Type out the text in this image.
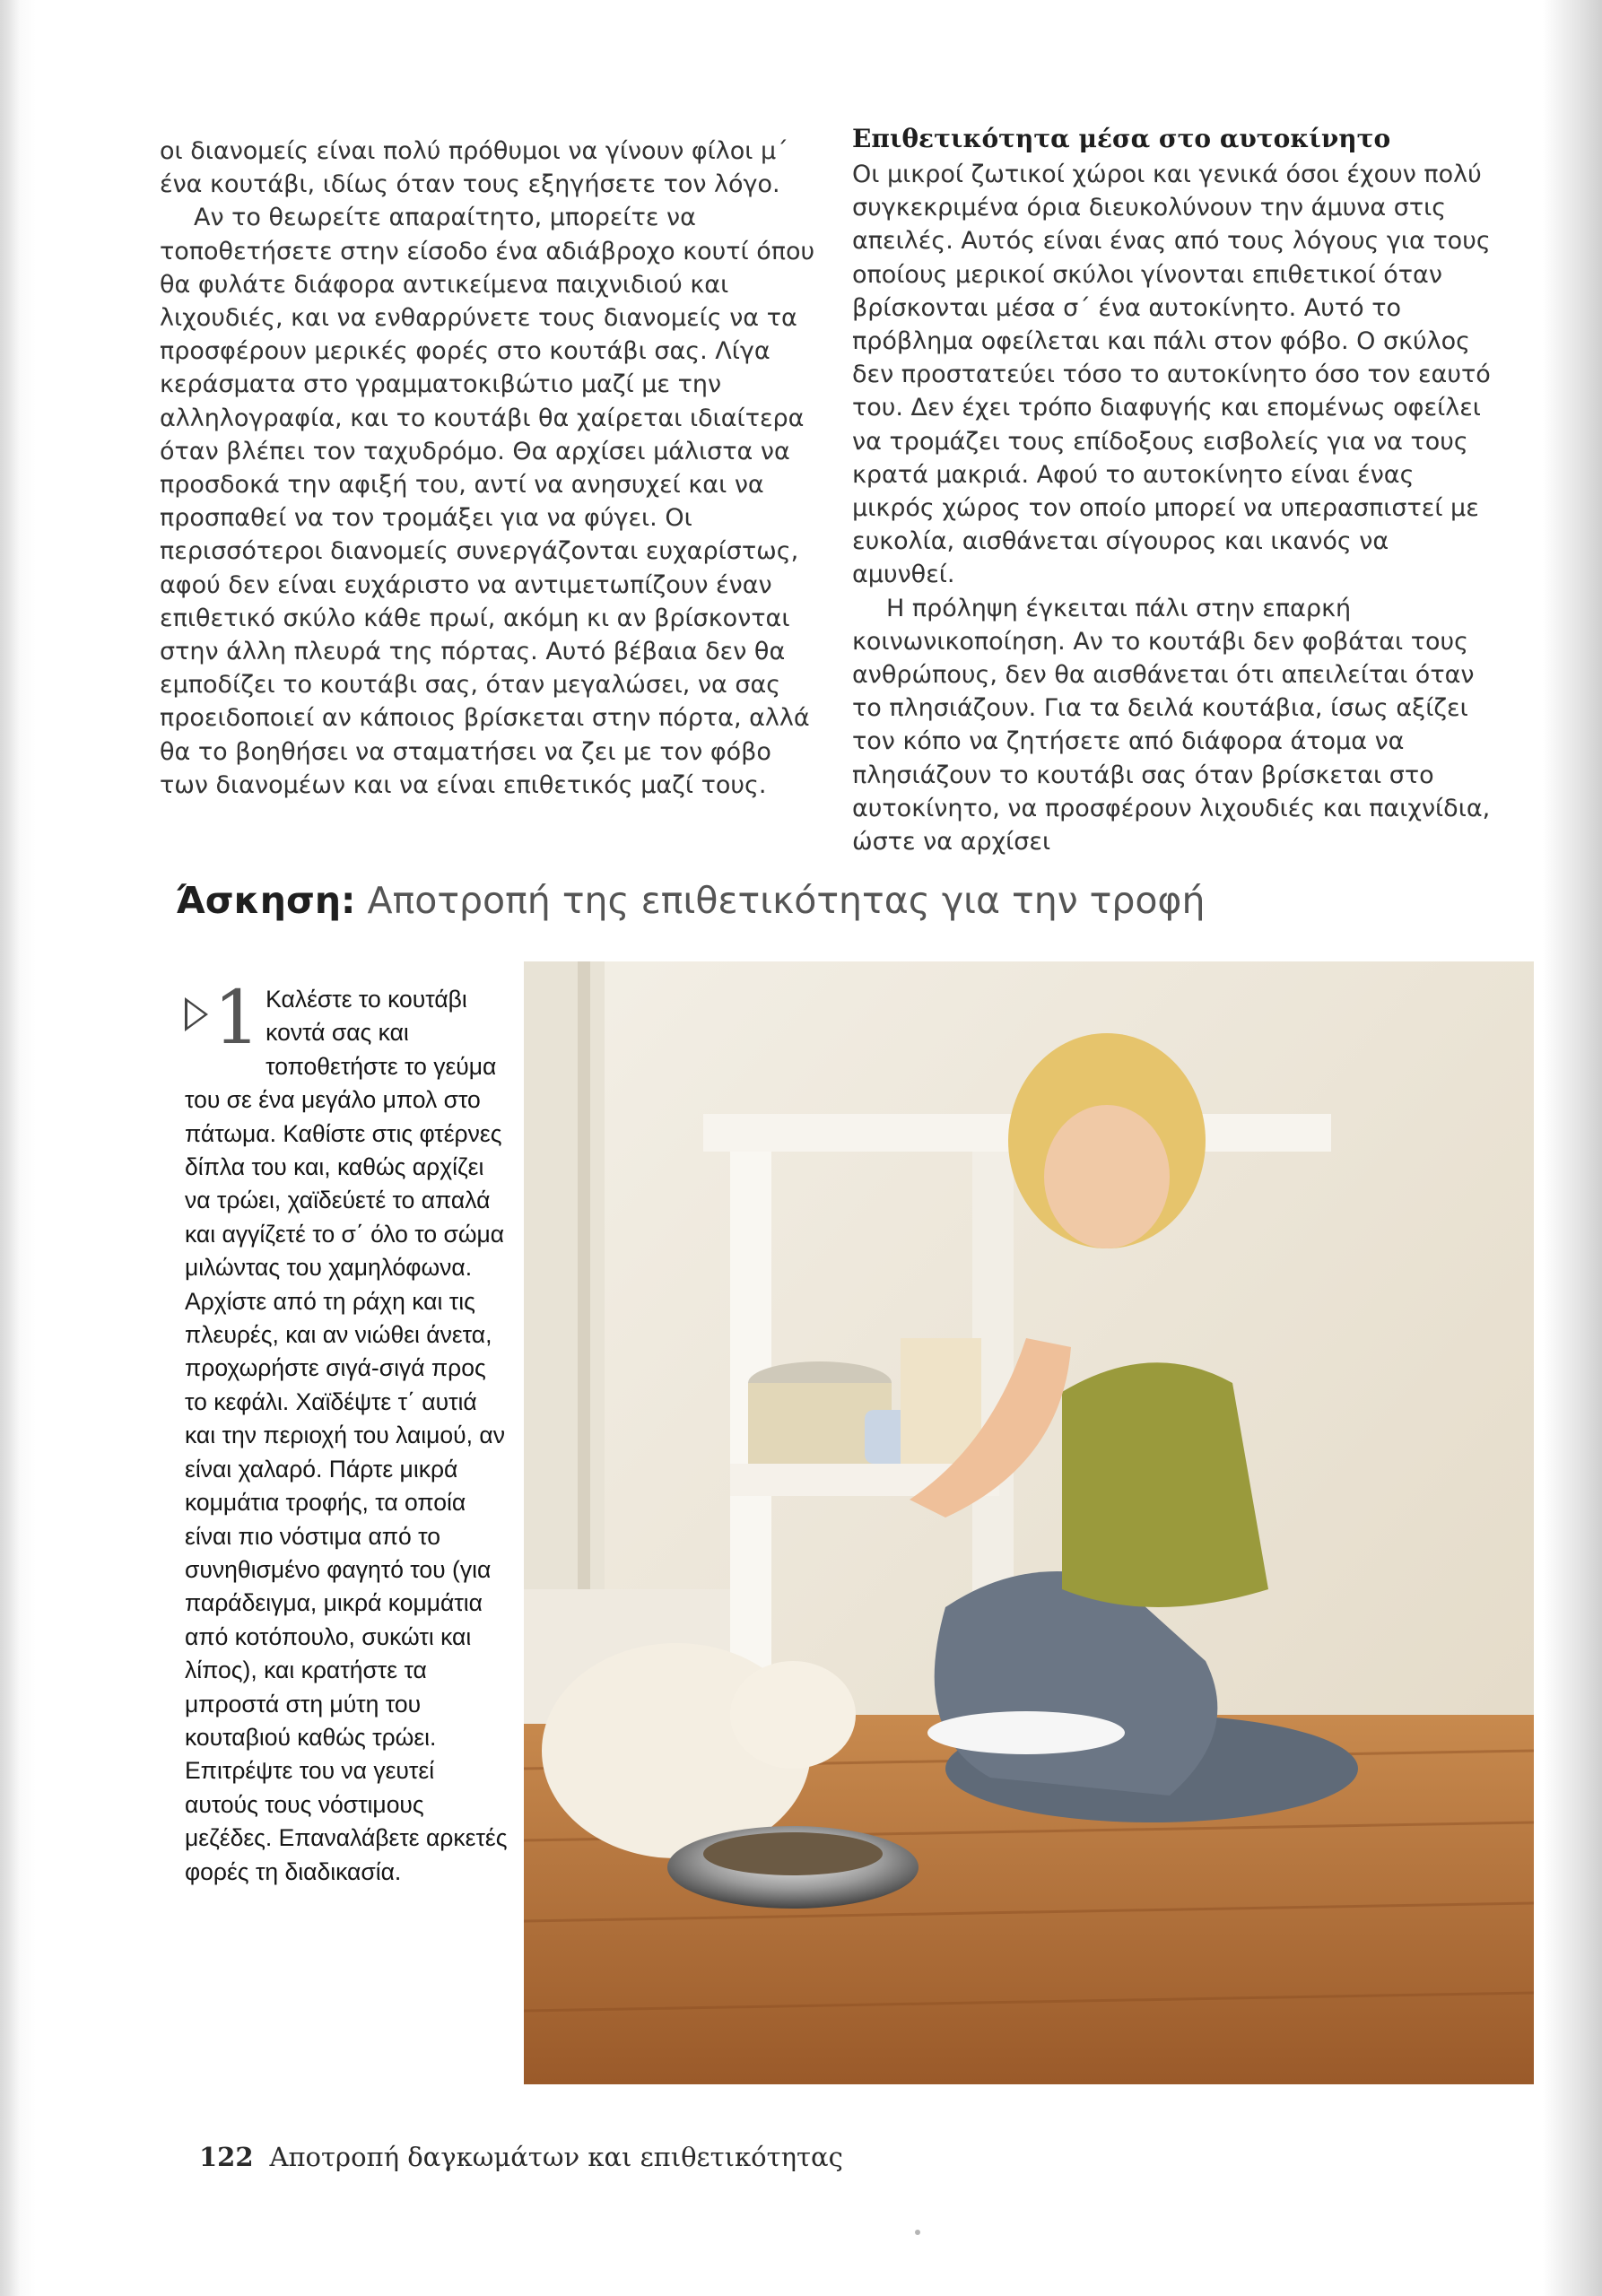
οι διανομείς είναι πολύ πρόθυμοι να γίνουν φίλοι μ΄ ένα κουτάβι, ιδίως όταν τους εξηγήσετε τον λόγο.

Αν το θεωρείτε απαραίτητο, μπορείτε να τοποθετήσετε στην είσοδο ένα αδιάβροχο κουτί όπου θα φυλάτε διάφορα αντικείμενα παιχνιδιού και λιχουδιές, και να ενθαρρύνετε τους διανομείς να τα προσφέρουν μερικές φορές στο κουτάβι σας. Λίγα κεράσματα στο γραμματοκιβώτιο μαζί με την αλληλογραφία, και το κουτάβι θα χαίρεται ιδιαίτερα όταν βλέπει τον ταχυδρόμο. Θα αρχίσει μάλιστα να προσδοκά την αφιξή του, αντί να ανησυχεί και να προσπαθεί να τον τρομάξει για να φύγει. Οι περισσότεροι διανομείς συνεργάζονται ευχαρίστως, αφού δεν είναι ευχάριστο να αντιμετωπίζουν έναν επιθετικό σκύλο κάθε πρωί, ακόμη κι αν βρίσκονται στην άλλη πλευρά της πόρτας. Αυτό βέβαια δεν θα εμποδίζει το κουτάβι σας, όταν μεγαλώσει, να σας προειδοποιεί αν κάποιος βρίσκεται στην πόρτα, αλλά θα το βοηθήσει να σταματήσει να ζει με τον φόβο των διανομέων και να είναι επιθετικός μαζί τους.

Επιθετικότητα μέσα στο αυτοκίνητο

Οι μικροί ζωτικοί χώροι και γενικά όσοι έχουν πολύ συγκεκριμένα όρια διευκολύνουν την άμυνα στις απειλές. Αυτός είναι ένας από τους λόγους για τους οποίους μερικοί σκύλοι γίνονται επιθετικοί όταν βρίσκονται μέσα σ΄ ένα αυτοκίνητο. Αυτό το πρόβλημα οφείλεται και πάλι στον φόβο. Ο σκύλος δεν προστατεύει τόσο το αυτοκίνητο όσο τον εαυτό του. Δεν έχει τρόπο διαφυγής και επομένως οφείλει να τρομάζει τους επίδοξους εισβολείς για να τους κρατά μακριά. Αφού το αυτοκίνητο είναι ένας μικρός χώρος τον οποίο μπορεί να υπερασπιστεί με ευκολία, αισθάνεται σίγουρος και ικανός να αμυνθεί.

Η πρόληψη έγκειται πάλι στην επαρκή κοινωνικοποίηση. Αν το κουτάβι δεν φοβάται τους ανθρώπους, δεν θα αισθάνεται ότι απειλείται όταν το πλησιάζουν. Για τα δειλά κουτάβια, ίσως αξίζει τον κόπο να ζητήσετε από διάφορα άτομα να πλησιάζουν το κουτάβι σας όταν βρίσκεται στο αυτοκίνητο, να προσφέρουν λιχουδιές και παιχνίδια, ώστε να αρχίσει

Άσκηση: Αποτροπή της επιθετικότητας για την τροφή
1 Καλέστε το κουτάβι κοντά σας και τοποθετήστε το γεύμα του σε ένα μεγάλο μπολ στο πάτωμα. Καθίστε στις φτέρνες δίπλα του και, καθώς αρχίζει να τρώει, χαϊδεύετέ το απαλά και αγγίζετέ το σ΄ όλο το σώμα μιλώντας του χαμηλόφωνα. Αρχίστε από τη ράχη και τις πλευρές, και αν νιώθει άνετα, προχωρήστε σιγά-σιγά προς το κεφάλι. Χαϊδέψτε τ΄ αυτιά και την περιοχή του λαιμού, αν είναι χαλαρό. Πάρτε μικρά κομμάτια τροφής, τα οποία είναι πιο νόστιμα από το συνηθισμένο φαγητό του (για παράδειγμα, μικρά κομμάτια από κοτόπουλο, συκώτι και λίπος), και κρατήστε τα μπροστά στη μύτη του κουταβιού καθώς τρώει. Επιτρέψτε του να γευτεί αυτούς τους νόστιμους μεζέδες. Επαναλάβετε αρκετές φορές τη διαδικασία.
122 Αποτροπή δαγκωμάτων και επιθετικότητας
